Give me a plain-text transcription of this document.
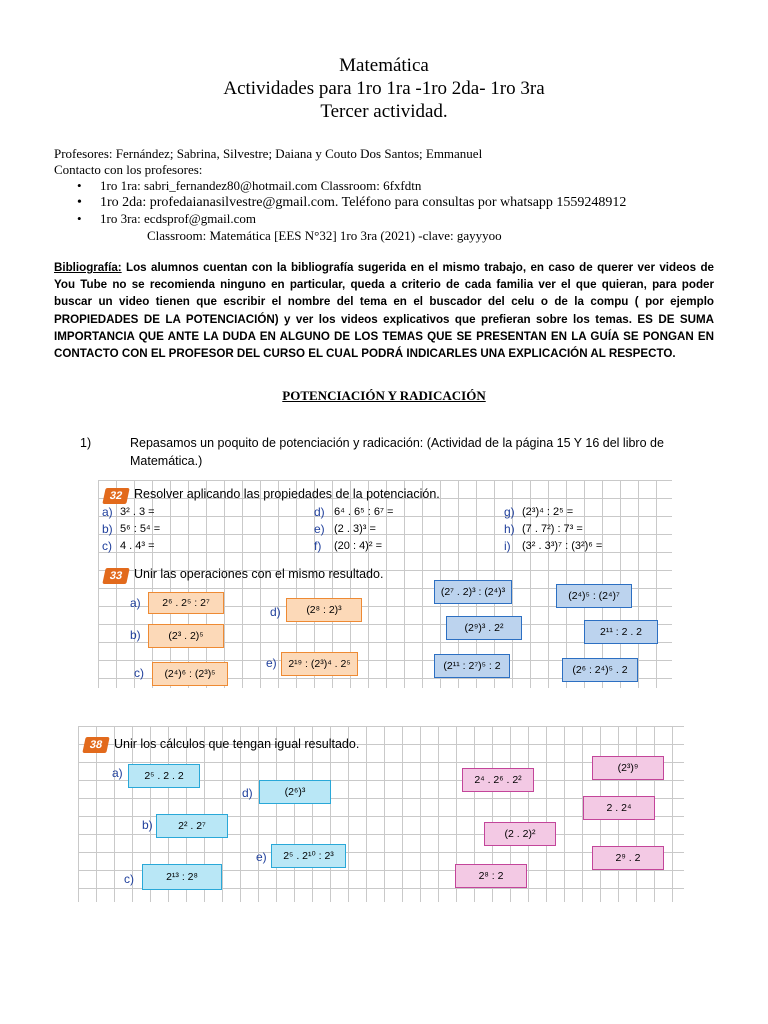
Matemática
Actividades para 1ro 1ra -1ro 2da- 1ro 3ra
Tercer actividad.
Profesores: Fernández; Sabrina, Silvestre; Daiana y Couto Dos Santos; Emmanuel
Contacto con los profesores:
• 1ro 1ra: sabri_fernandez80@hotmail.com Classroom: 6fxfdtn
• 1ro 2da: profedaianasilvestre@gmail.com. Teléfono para consultas por whatsapp 1559248912
• 1ro 3ra: ecdsprof@gmail.com
Classroom: Matemática [EES N°32] 1ro 3ra (2021) -clave: gayyyoo
Bibliografía: Los alumnos cuentan con la bibliografía sugerida en el mismo trabajo, en caso de querer ver videos de You Tube no se recomienda ninguno en particular, queda a criterio de cada familia ver el que quieran, para poder buscar un video tienen que escribir el nombre del tema en el buscador del celu o de la compu ( por ejemplo PROPIEDADES DE LA POTENCIACIÓN) y ver los videos explicativos que prefieran sobre los temas. ES DE SUMA IMPORTANCIA QUE ANTE LA DUDA EN ALGUNO DE LOS TEMAS QUE SE PRESENTAN EN LA GUÍA SE PONGAN EN CONTACTO CON EL PROFESOR DEL CURSO EL CUAL PODRÁ INDICARLES UNA EXPLICACIÓN AL RESPECTO.
POTENCIACIÓN Y RADICACIÓN
1)	Repasamos un poquito de potenciación y radicación: (Actividad de la página 15 Y 16 del libro de Matemática.)
32 Resolver aplicando las propiedades de la potenciación.
a) 3² . 3 =
b) 5⁶ : 5⁴ =
c) 4 . 4³ =
d) 6⁴ . 6⁵ : 6⁷ =
e) (2 . 3)³ =
f) (20 : 4)² =
g) (2³)⁴ : 2⁵ =
h) (7 . 7²) : 7³ =
i) (3² . 3³)⁷ : (3²)⁶ =
33 Unir las operaciones con el mismo resultado.
a)	2⁶ . 2⁵ : 2⁷
b)	(2³ . 2)⁵
c)	(2⁴)⁶ : (2³)⁵
d)	(2⁸ : 2)³
e)	2¹⁹ : (2³)⁴ . 2⁵
(2⁷ . 2)³ : (2⁴)³	(2⁴)⁵ : (2⁴)⁷
(2⁹)³ . 2²	2¹¹ : 2 . 2
(2¹¹ : 2⁷)⁵ : 2	(2⁶ : 2⁴)⁵ . 2
38 Unir los cálculos que tengan igual resultado.
a)	2⁵ . 2 . 2
b)	2² . 2⁷
c)	2¹³ : 2⁸
d)	(2⁶)³
e)	2⁵ . 2¹⁰ : 2³
(2³)⁹
2⁴ . 2⁶ . 2²
2 . 2⁴
(2 . 2)²
2⁹ . 2
2⁸ : 2
